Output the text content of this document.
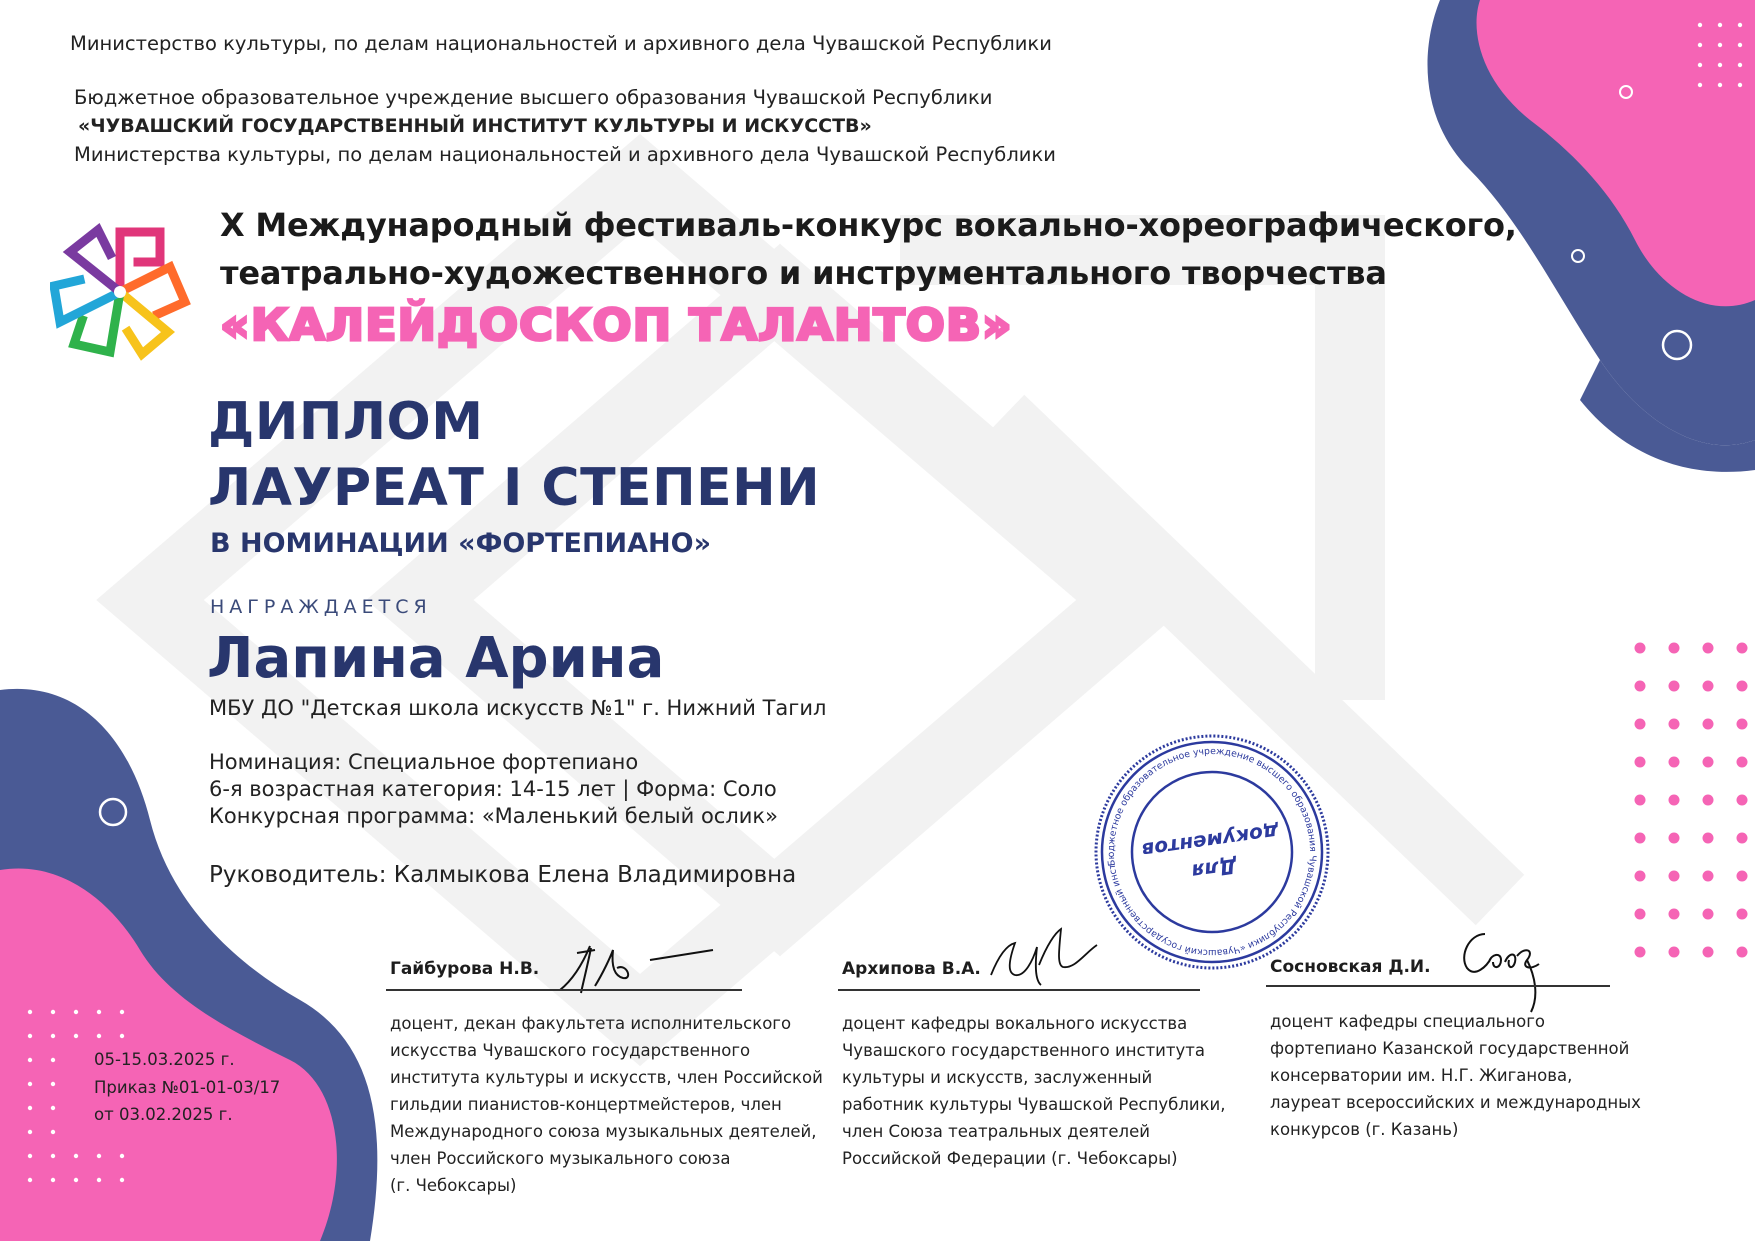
Министерство культуры, по делам национальностей и архивного дела Чувашской Республики
Бюджетное образовательное учреждение высшего образования Чувашской Республики
«ЧУВАШСКИЙ ГОСУДАРСТВЕННЫЙ ИНСТИТУТ КУЛЬТУРЫ И ИСКУССТВ»
Министерства культуры, по делам национальностей и архивного дела Чувашской Республики
X Международный фестиваль-конкурс вокально-хореографического,
театрально-художественного и инструментального творчества
«КАЛЕЙДОСКОП ТАЛАНТОВ»
ДИПЛОМ
ЛАУРЕАТ I СТЕПЕНИ
В НОМИНАЦИИ «ФОРТЕПИАНО»
НАГРАЖДАЕТСЯ
Лапина Арина
МБУ ДО "Детская школа искусств №1" г. Нижний Тагил
Номинация: Специальное фортепиано
6-я возрастная категория: 14-15 лет | Форма: Соло
Конкурсная программа: «Маленький белый ослик»
Руководитель: Калмыкова Елена Владимировна	Бюджетное образовательное учреждение высшего образования Чувашской Республики «Чувашский государственный институт
Для
документов
Гайбурова Н.В.
доцент, декан факультета исполнительского
искусства Чувашского государственного
института культуры и искусств, член Российской
гильдии пианистов-концертмейстеров, член
Международного союза музыкальных деятелей,
член Российского музыкального союза
(г. Чебоксары)
Архипова В.А.
доцент кафедры вокального искусства
Чувашского государственного института
культуры и искусств, заслуженный
работник культуры Чувашской Республики,
член Союза театральных деятелей
Российской Федерации (г. Чебоксары)
Сосновская Д.И.
доцент кафедры специального
фортепиано Казанской государственной
консерватории им. Н.Г. Жиганова,
лауреат всероссийских и международных
конкурсов (г. Казань)
05-15.03.2025 г.
Приказ №01-01-03/17
от 03.02.2025 г.
